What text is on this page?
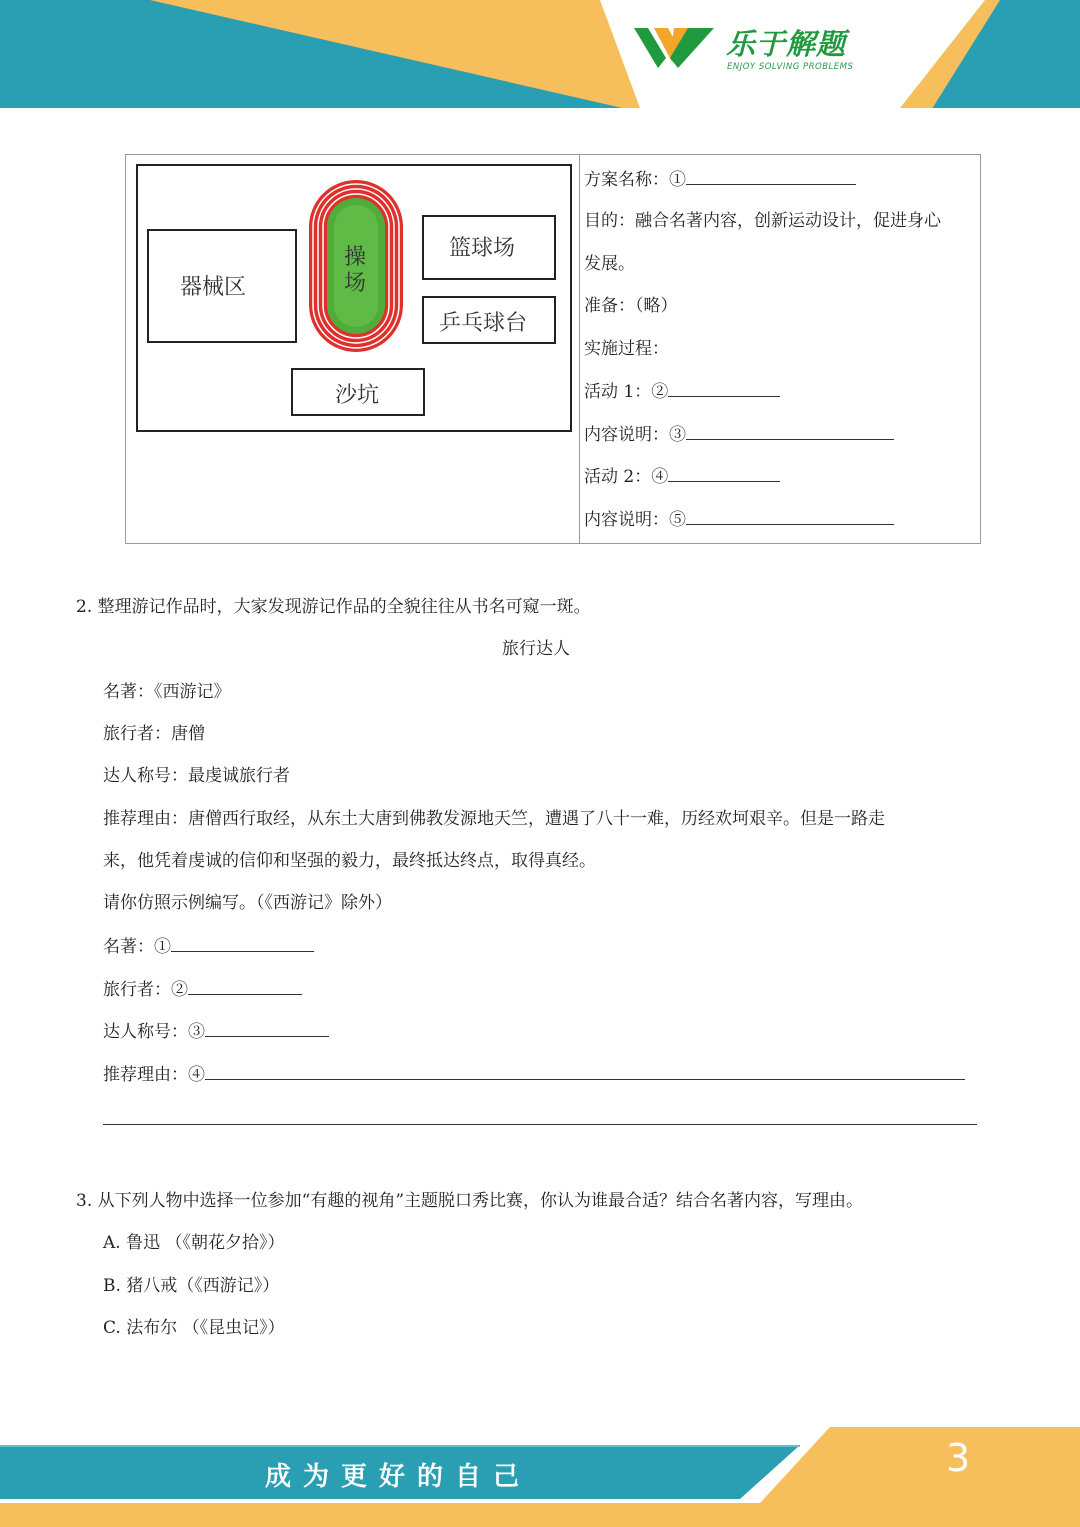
乐于解题
ENJOY SOLVING PROBLEMS
器械区
篮球场
乒乓球台
沙坑
操
场
方案名称：①
目的：融合名著内容，创新运动设计，促进身心
发展。
准备：（略）
实施过程：
活动 1：②
内容说明：③
活动 2：④
内容说明：⑤
2. 整理游记作品时，大家发现游记作品的全貌往往从书名可窥一斑。
旅行达人
名著：《西游记》
旅行者：唐僧
达人称号：最虔诚旅行者
推荐理由：唐僧西行取经，从东土大唐到佛教发源地天竺，遭遇了八十一难，历经欢坷艰辛。但是一路走
来，他凭着虔诚的信仰和坚强的毅力，最终抵达终点，取得真经。
请你仿照示例编写。（《西游记》除外）
名著：①
旅行者：②
达人称号：③
推荐理由：④
3. 从下列人物中选择一位参加“有趣的视角”主题脱口秀比赛，你认为谁最合适？结合名著内容，写理由。
A. 鲁迅 （《朝花夕拾》）
B. 猪八戒（《西游记》）
C. 法布尔 （《昆虫记》）
成为更好的自己	3
